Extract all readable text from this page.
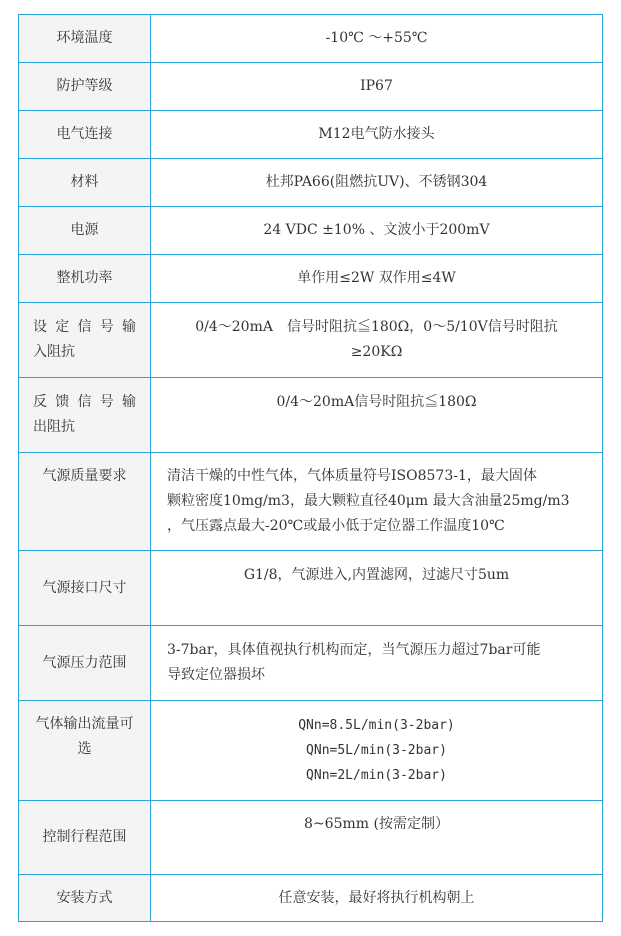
环境温度	-10℃ ～+55℃

防护等级	IP67

电气连接	M12电气防水接头

材料	杜邦PA66(阻燃抗UV)、不锈钢304

电源	24 VDC ±10% 、文波小于200mV

整机功率	单作用≤2W 双作用≤4W

设 定 信 号 输 入阻抗	0/4～20mA　信号时阻抗≦180Ω，0～5/10V信号时阻抗
≥20KΩ

反 馈 信 号 输 出阻抗	0/4～20mA信号时阻抗≦180Ω

气源质量要求	清洁干燥的中性气体，气体质量符号ISO8573-1，最大固体
颗粒密度10mg/m3，最大颗粒直径40μm 最大含油量25mg/m3
，气压露点最大-20℃或最小低于定位器工作温度10℃

气源接口尺寸	G1/8，气源进入,内置滤网，过滤尺寸5um

气源压力范围	3-7bar，具体值视执行机构而定，当气源压力超过7bar可能
导致定位器损坏

气体输出流量可选	QNn=8.5L/min(3-2bar)
QNn=5L/min(3-2bar)
QNn=2L/min(3-2bar)

控制行程范围	8~65mm (按需定制）

安装方式	任意安装，最好将执行机构朝上
